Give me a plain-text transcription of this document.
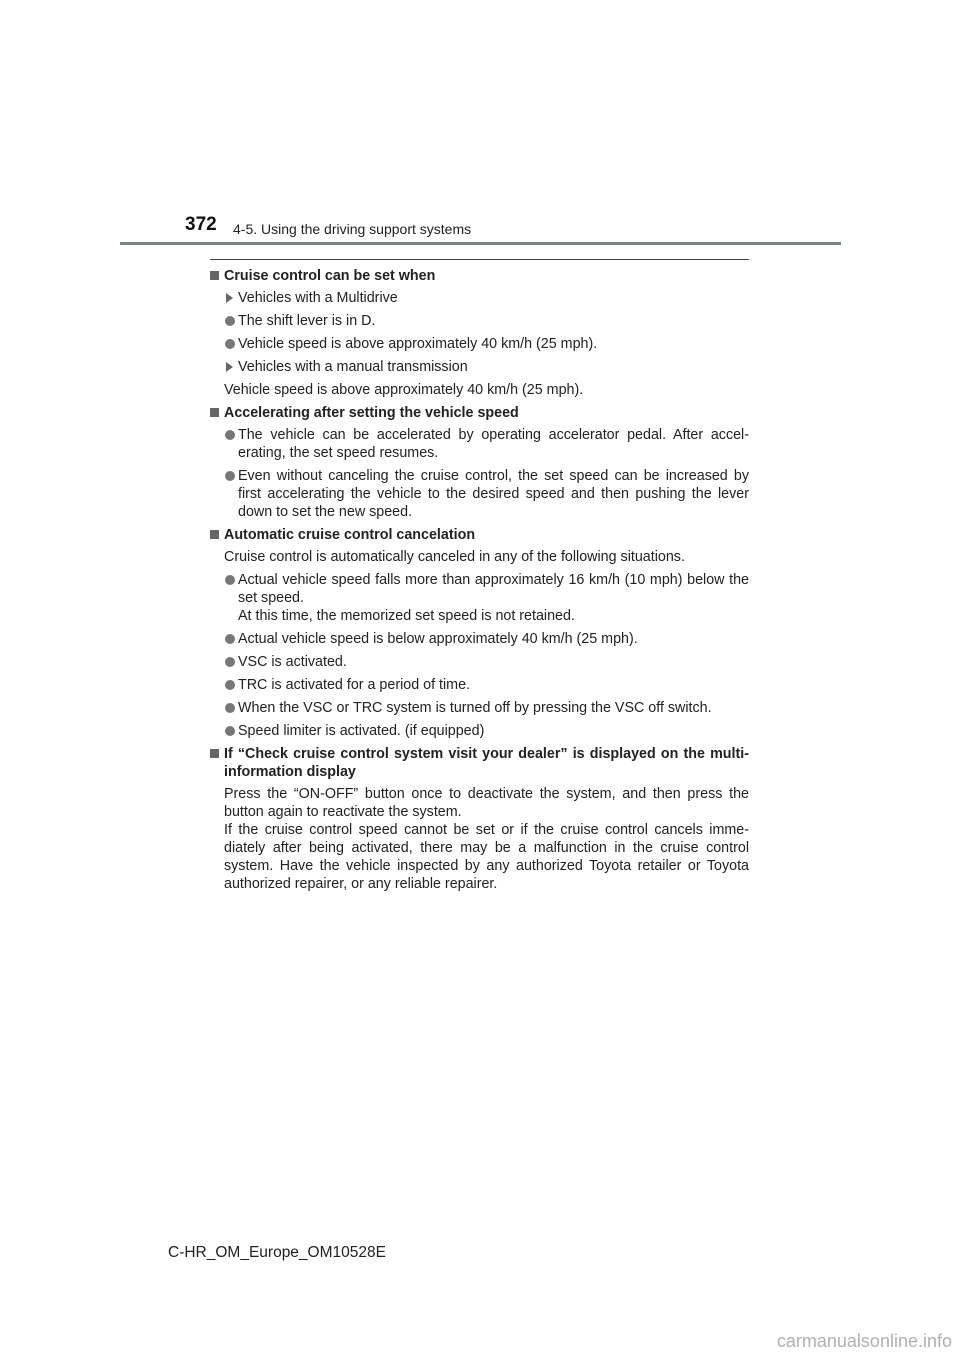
372 4-5. Using the driving support systems
Cruise control can be set when
Vehicles with a Multidrive
The shift lever is in D.
Vehicle speed is above approximately 40 km/h (25 mph).
Vehicles with a manual transmission
Vehicle speed is above approximately 40 km/h (25 mph).
Accelerating after setting the vehicle speed
The vehicle can be accelerated by operating accelerator pedal. After accel-erating, the set speed resumes.
Even without canceling the cruise control, the set speed can be increased by first accelerating the vehicle to the desired speed and then pushing the lever down to set the new speed.
Automatic cruise control cancelation
Cruise control is automatically canceled in any of the following situations.
Actual vehicle speed falls more than approximately 16 km/h (10 mph) below the set speed.
At this time, the memorized set speed is not retained.
Actual vehicle speed is below approximately 40 km/h (25 mph).
VSC is activated.
TRC is activated for a period of time.
When the VSC or TRC system is turned off by pressing the VSC off switch.
Speed limiter is activated. (if equipped)
If “Check cruise control system visit your dealer” is displayed on the multi-information display
Press the “ON-OFF” button once to deactivate the system, and then press the button again to reactivate the system.
If the cruise control speed cannot be set or if the cruise control cancels imme-diately after being activated, there may be a malfunction in the cruise control system. Have the vehicle inspected by any authorized Toyota retailer or Toyota authorized repairer, or any reliable repairer.
C-HR_OM_Europe_OM10528E
carmanualsonline.info
